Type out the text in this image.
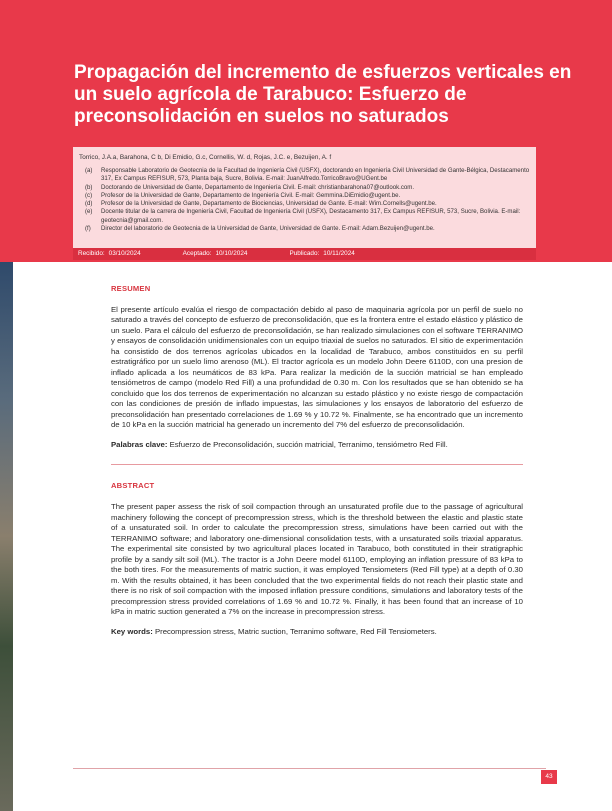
Propagación del incremento de esfuerzos verticales en un suelo agrícola de Tarabuco: Esfuerzo de preconsolidación en suelos no saturados
Torrico, J.A.a, Barahona, C b, Di Emidio, G.c, Cornellis, W. d, Rojas, J.C. e, Bezuijen, A. f
(a)	Responsable Laboratorio de Geotecnia de la Facultad de Ingeniería Civil (USFX), doctorando en Ingeniería Civil Universidad de Gante-Bélgica, Destacamento 317, Ex Campus REFISUR, 573, Planta baja, Sucre, Bolivia. E-mail: JuanAlfredo.TorricoBravo@UGent.be
(b)	Doctorando de Universidad de Gante, Departamento de Ingeniería Civil. E-mail: christianbarahona07@outlook.com.
(c)	Profesor de la Universidad de Gante, Departamento de Ingeniería Civil. E-mail: Gemmina.DiEmidio@ugent.be.
(d)	Profesor de la Universidad de Gante, Departamento de Biociencias, Universidad de Gante. E-mail: Wim.Cornells@ugent.be.
(e)	Docente titular de la carrera de Ingeniería Civil, Facultad de Ingeniería Civil (USFX), Destacamento 317, Ex Campus REFISUR, 573, Sucre, Bolivia. E-mail: geotecnia@gmail.com.
(f)	Director del laboratorio de Geotecnia de la Universidad de Gante, Universidad de Gante. E-mail: Adam.Bezuijen@ugent.be.
Recibido: 03/10/2024	Aceptado: 10/10/2024	Publicado: 10/11/2024
RESUMEN

El presente artículo evalúa el riesgo de compactación debido al paso de maquinaria agrícola por un perfil de suelo no saturado a través del concepto de esfuerzo de preconsolidación, que es la frontera entre el estado elástico y plástico de un suelo. Para el cálculo del esfuerzo de preconsolidación, se han realizado simulaciones con el software TERRANIMO y ensayos de consolidación unidimensionales con un equipo triaxial de suelos no saturados. El sitio de experimentación ha consistido de dos terrenos agrícolas ubicados en la localidad de Tarabuco, ambos constituidos en su perfil estratigráfico por un suelo limo arenoso (ML). El tractor agrícola es un modelo John Deere 6110D, con una presion de inflado aplicada a los neumáticos de 83 kPa. Para realizar la medición de la succión matricial se han empleado tensiómetros de campo (modelo Red Fill) a una profundidad de 0.30 m. Con los resultados que se han obtenido se ha concluido que los dos terrenos de experimentación no alcanzan su estado plástico y no existe riesgo de compactación con las condiciones de presión de inflado impuestas, las simulaciones y los ensayos de laboratorio del esfuerzo de preconsolidación han presentado correlaciones de 1.69 % y 10.72 %. Finalmente, se ha encontrado que un incremento de 10 kPa en la succión matricial ha generado un incremento del 7% del esfuerzo de preconsolidación.

Palabras clave: Esfuerzo de Preconsolidación, succión matricial, Terranimo, tensiómetro Red Fill.

ABSTRACT

The present paper assess the risk of soil compaction through an unsaturated profile due to the passage of agricultural machinery following the concept of precompression stress, which is the threshold between the elastic and plastic state of a unsaturated soil. In order to calculate the precompression stress, simulations have been carried out with the TERRANIMO software; and laboratory one-dimensional consolidation tests, with a unsaturated soils triaxial apparatus. The experimental site consisted by two agricultural places located in Tarabuco, both constituted in their stratigraphic profile by a sandy silt soil (ML). The tractor is a John Deere model 6110D, employing an inflation pressure of 83 kPa to the both tires. For the measurements of matric suction, it was employed Tensiometers (Red Fill type) at a depth of 0.30 m. With the results obtained, it has been concluded that the two experimental fields do not reach their plastic state and there is no risk of soil compaction with the imposed inflation pressure conditions, simulations and laboratory tests of the precompression stress provided correlations of 1.69 % and 10.72 %. Finally, it has been found that an increase of 10 kPa in matric suction generated a 7% on the increase in precompression stress.

Key words: Precompression stress, Matric suction, Terranimo software, Red Fill Tensiometers.

43
